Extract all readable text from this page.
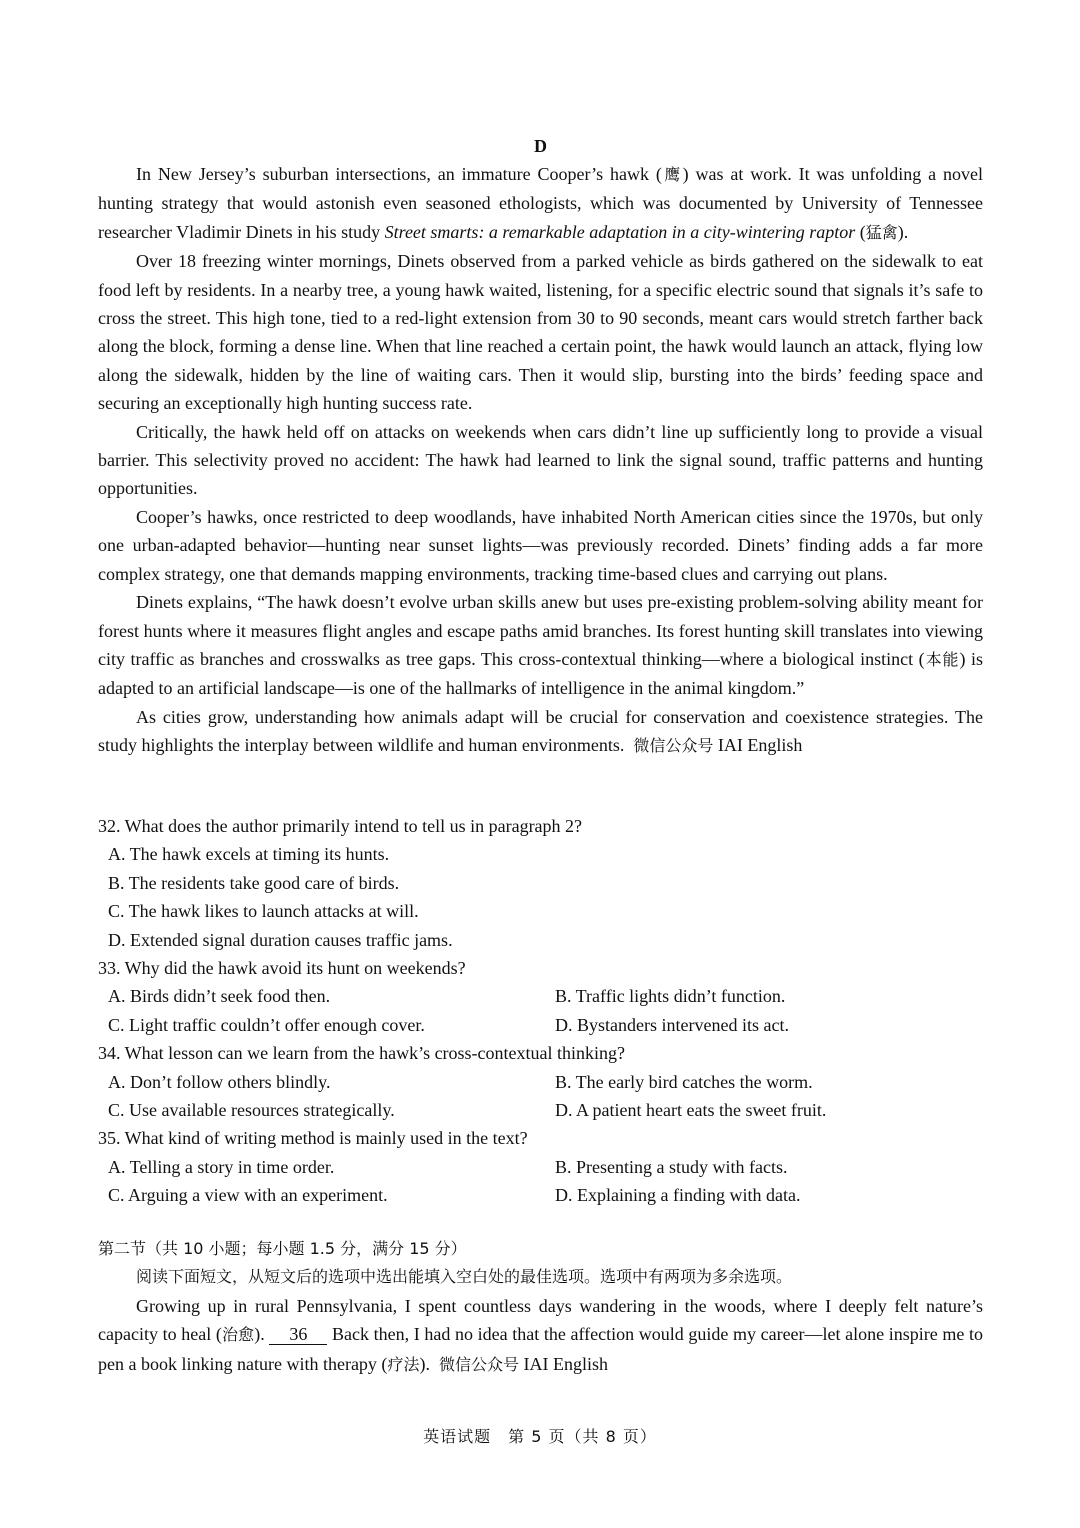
D

In New Jersey’s suburban intersections, an immature Cooper’s hawk (鹰) was at work. It was unfolding a novel hunting strategy that would astonish even seasoned ethologists, which was documented by University of Tennessee researcher Vladimir Dinets in his study Street smarts: a remarkable adaptation in a city-wintering raptor (猛禽).

Over 18 freezing winter mornings, Dinets observed from a parked vehicle as birds gathered on the sidewalk to eat food left by residents. In a nearby tree, a young hawk waited, listening, for a specific electric sound that signals it’s safe to cross the street. This high tone, tied to a red-light extension from 30 to 90 seconds, meant cars would stretch farther back along the block, forming a dense line. When that line reached a certain point, the hawk would launch an attack, flying low along the sidewalk, hidden by the line of waiting cars. Then it would slip, bursting into the birds’ feeding space and securing an exceptionally high hunting success rate.

Critically, the hawk held off on attacks on weekends when cars didn’t line up sufficiently long to provide a visual barrier. This selectivity proved no accident: The hawk had learned to link the signal sound, traffic patterns and hunting opportunities.

Cooper’s hawks, once restricted to deep woodlands, have inhabited North American cities since the 1970s, but only one urban-adapted behavior—hunting near sunset lights—was previously recorded. Dinets’ finding adds a far more complex strategy, one that demands mapping environments, tracking time-based clues and carrying out plans.

Dinets explains, “The hawk doesn’t evolve urban skills anew but uses pre-existing problem-solving ability meant for forest hunts where it measures flight angles and escape paths amid branches. Its forest hunting skill translates into viewing city traffic as branches and crosswalks as tree gaps. This cross-contextual thinking—where a biological instinct (本能) is adapted to an artificial landscape—is one of the hallmarks of intelligence in the animal kingdom.”

As cities grow, understanding how animals adapt will be crucial for conservation and coexistence strategies. The study highlights the interplay between wildlife and human environments. 微信公众号 IAI English

32. What does the author primarily intend to tell us in paragraph 2?

A. The hawk excels at timing its hunts.

B. The residents take good care of birds.

C. The hawk likes to launch attacks at will.

D. Extended signal duration causes traffic jams.

33. Why did the hawk avoid its hunt on weekends?

A. Birds didn’t seek food then.	B. Traffic lights didn’t function.

C. Light traffic couldn’t offer enough cover.	D. Bystanders intervened its act.

34. What lesson can we learn from the hawk’s cross-contextual thinking?

A. Don’t follow others blindly.	B. The early bird catches the worm.

C. Use available resources strategically.	D. A patient heart eats the sweet fruit.

35. What kind of writing method is mainly used in the text?

A. Telling a story in time order.	B. Presenting a study with facts.

C. Arguing a view with an experiment.	D. Explaining a finding with data.

第二节（共 10 小题；每小题 1.5 分，满分 15 分）

阅读下面短文，从短文后的选项中选出能填入空白处的最佳选项。选项中有两项为多余选项。

Growing up in rural Pennsylvania, I spent countless days wandering in the woods, where I deeply felt nature’s capacity to heal (治愈). 36 Back then, I had no idea that the affection would guide my career—let alone inspire me to pen a book linking nature with therapy (疗法). 微信公众号 IAI English

英语试题　第 5 页（共 8 页）
